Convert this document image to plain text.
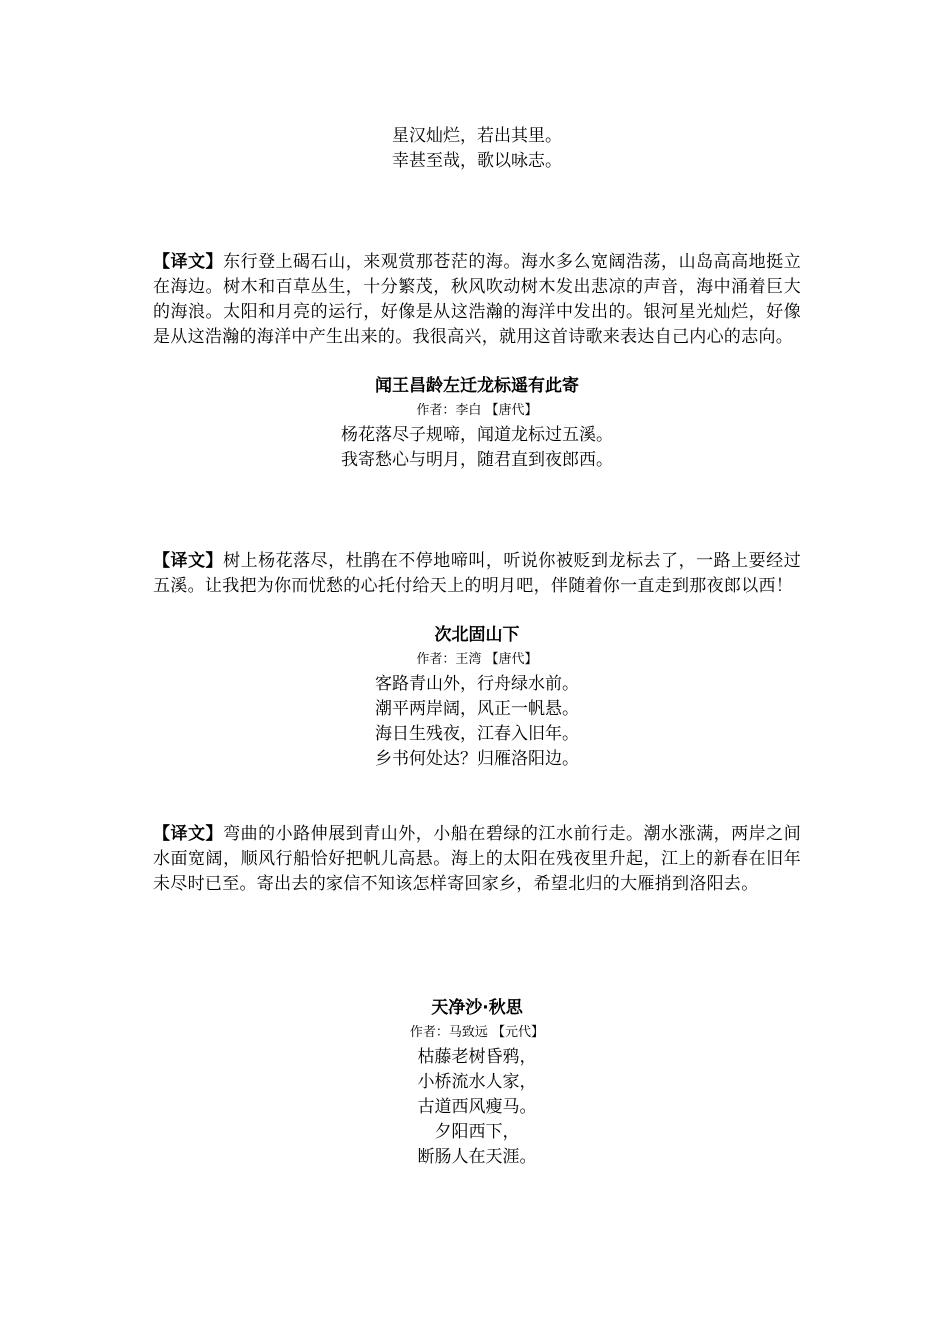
星汉灿烂，若出其里。
幸甚至哉，歌以咏志。
【译文】东行登上碣石山，来观赏那苍茫的海。海水多么宽阔浩荡，山岛高高地挺立在海边。树木和百草丛生，十分繁茂，秋风吹动树木发出悲凉的声音，海中涌着巨大的海浪。太阳和月亮的运行，好像是从这浩瀚的海洋中发出的。银河星光灿烂，好像是从这浩瀚的海洋中产生出来的。我很高兴，就用这首诗歌来表达自己内心的志向。
闻王昌龄左迁龙标遥有此寄
作者：李白 【唐代】
杨花落尽子规啼，闻道龙标过五溪。
我寄愁心与明月，随君直到夜郎西。
【译文】树上杨花落尽，杜鹃在不停地啼叫，听说你被贬到龙标去了，一路上要经过五溪。让我把为你而忧愁的心托付给天上的明月吧，伴随着你一直走到那夜郎以西！
次北固山下
作者：王湾 【唐代】
客路青山外，行舟绿水前。
潮平两岸阔，风正一帆悬。
海日生残夜，江春入旧年。
乡书何处达？归雁洛阳边。
【译文】弯曲的小路伸展到青山外，小船在碧绿的江水前行走。潮水涨满，两岸之间水面宽阔，顺风行船恰好把帆儿高悬。海上的太阳在残夜里升起，江上的新春在旧年未尽时已至。寄出去的家信不知该怎样寄回家乡，希望北归的大雁捎到洛阳去。
天净沙·秋思
作者：马致远 【元代】
枯藤老树昏鸦，
小桥流水人家，
古道西风瘦马。
夕阳西下，
断肠人在天涯。
